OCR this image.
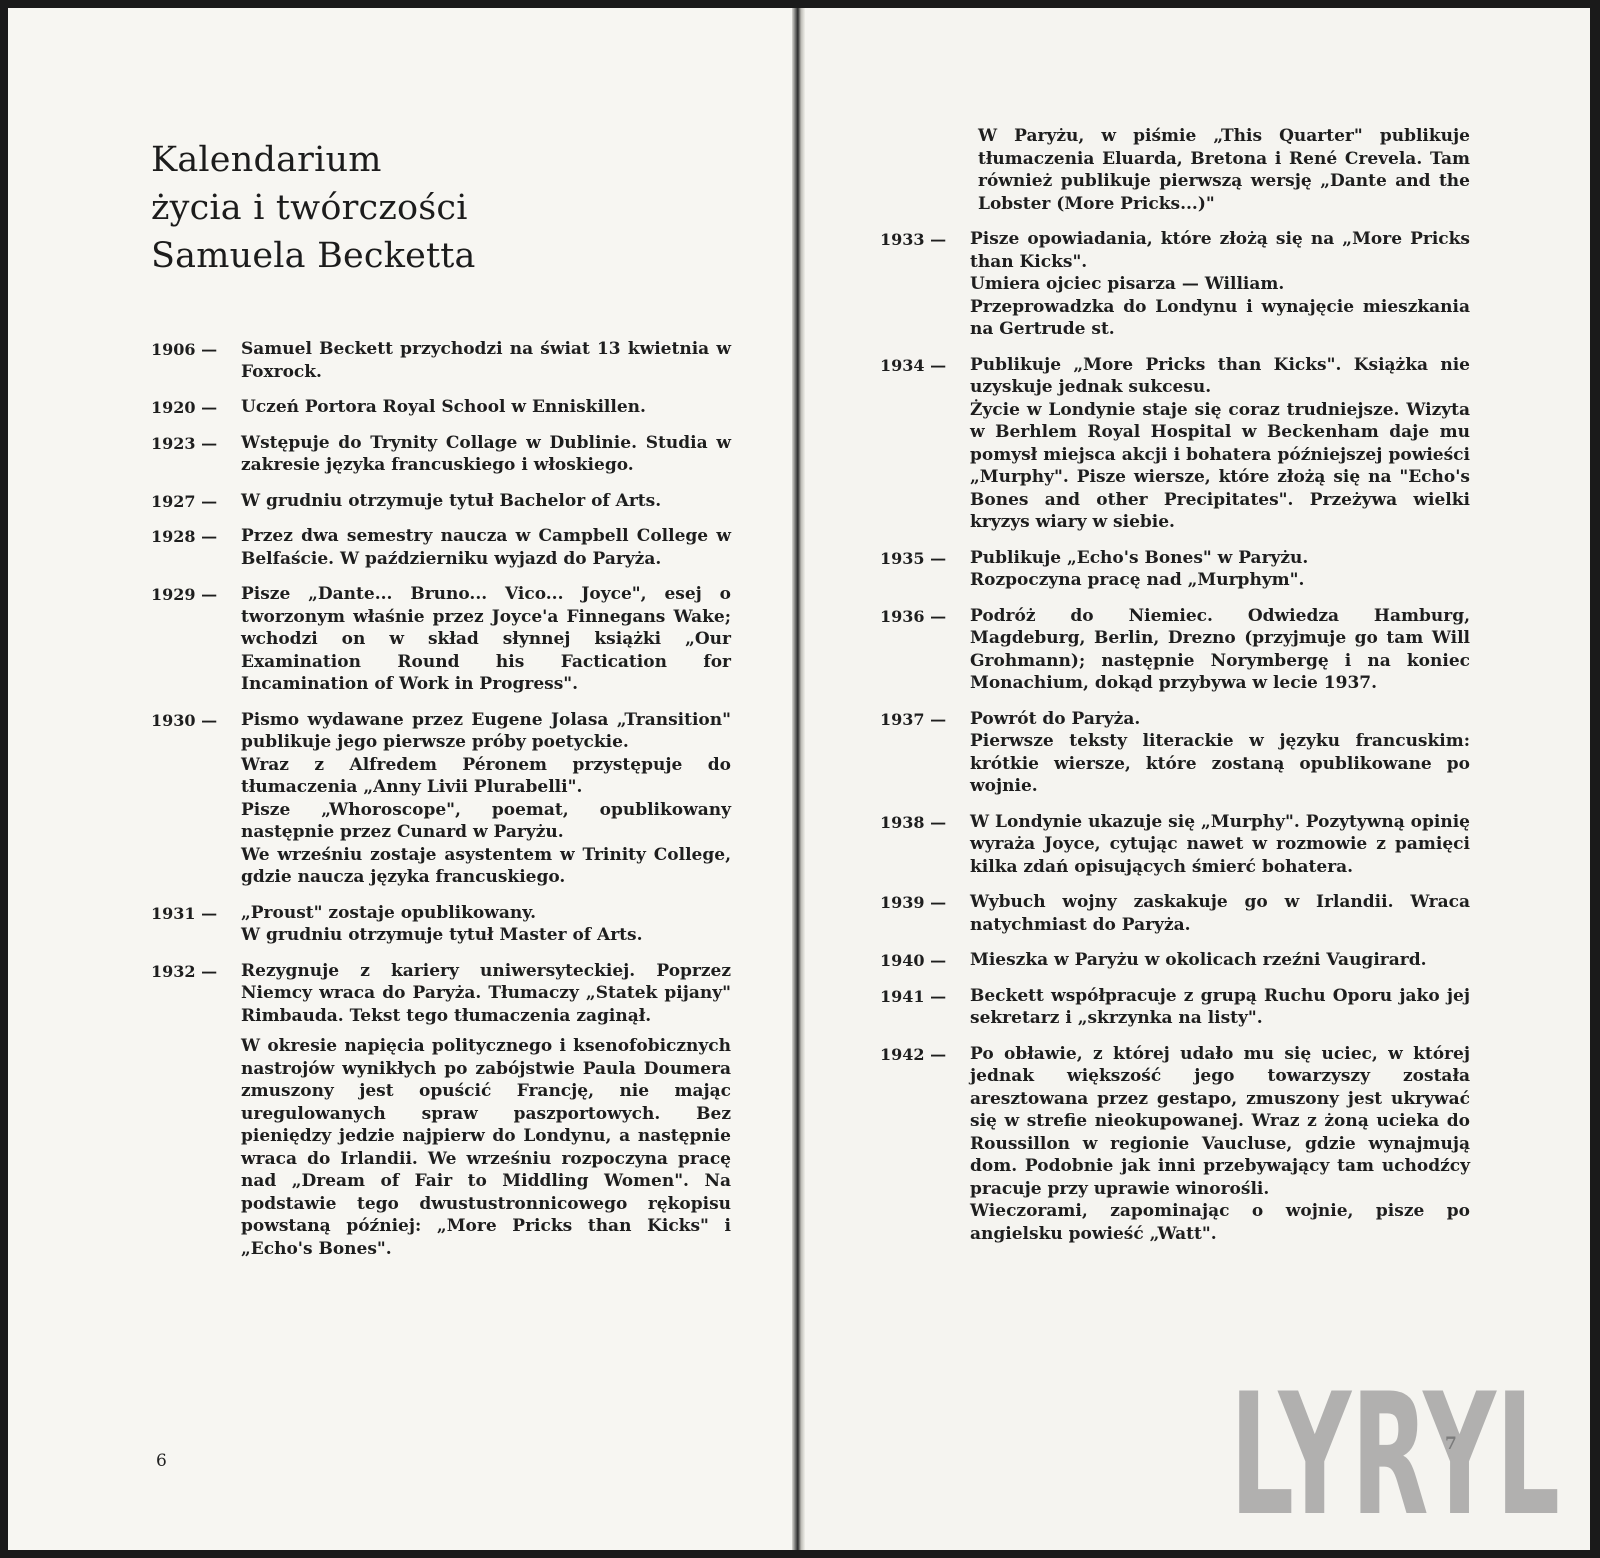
Kalendarium
życia i twórczości
Samuela Becketta
1906 — Samuel Beckett przychodzi na świat 13 kwietnia w Foxrock.

1920 — Uczeń Portora Royal School w Enniskillen.

1923 — Wstępuje do Trynity Collage w Dublinie. Studia w zakresie języka francuskiego i włoskiego.

1927 — W grudniu otrzymuje tytuł Bachelor of Arts.

1928 — Przez dwa semestry naucza w Campbell College w Belfaście. W październiku wyjazd do Paryża.

1929 — Pisze „Dante... Bruno... Vico... Joyce", esej o tworzonym właśnie przez Joyce'a Finnegans Wake; wchodzi on w skład słynnej książki „Our Examination Round his Factication for Incamination of Work in Progress".

1930 — Pismo wydawane przez Eugene Jolasa „Transition" publikuje jego pierwsze próby poetyckie.

Wraz z Alfredem Péronem przystępuje do tłumaczenia „Anny Livii Plurabelli".

Pisze „Whoroscope", poemat, opublikowany następnie przez Cunard w Paryżu.

We wrześniu zostaje asystentem w Trinity College, gdzie naucza języka francuskiego.

1931 — „Proust" zostaje opublikowany.

W grudniu otrzymuje tytuł Master of Arts.

1932 — Rezygnuje z kariery uniwersyteckiej. Poprzez Niemcy wraca do Paryża. Tłumaczy „Statek pijany" Rimbauda. Tekst tego tłumaczenia zaginął.

W okresie napięcia politycznego i ksenofobicznych nastrojów wynikłych po zabójstwie Paula Doumera zmuszony jest opuścić Francję, nie mając uregulowanych spraw paszportowych. Bez pieniędzy jedzie najpierw do Londynu, a następnie wraca do Irlandii. We wrześniu rozpoczyna pracę nad „Dream of Fair to Middling Women". Na podstawie tego dwustustronnicowego rękopisu powstaną później: „More Pricks than Kicks" i „Echo's Bones".

6

W Paryżu, w piśmie „This Quarter" publikuje tłumaczenia Eluarda, Bretona i René Crevela. Tam również publikuje pierwszą wersję „Dante and the Lobster (More Pricks...)"

1933 — Pisze opowiadania, które złożą się na „More Pricks than Kicks".

Umiera ojciec pisarza — William.

Przeprowadzka do Londynu i wynajęcie mieszkania na Gertrude st.

1934 — Publikuje „More Pricks than Kicks". Książka nie uzyskuje jednak sukcesu.

Życie w Londynie staje się coraz trudniejsze. Wizyta w Berhlem Royal Hospital w Beckenham daje mu pomysł miejsca akcji i bohatera późniejszej powieści „Murphy". Pisze wiersze, które złożą się na "Echo's Bones and other Precipitates". Przeżywa wielki kryzys wiary w siebie.

1935 — Publikuje „Echo's Bones" w Paryżu.

Rozpoczyna pracę nad „Murphym".

1936 — Podróż do Niemiec. Odwiedza Hamburg, Magdeburg, Berlin, Drezno (przyjmuje go tam Will Grohmann); następnie Norymbergę i na koniec Monachium, dokąd przybywa w lecie 1937.

1937 — Powrót do Paryża.

Pierwsze teksty literackie w języku francuskim: krótkie wiersze, które zostaną opublikowane po wojnie.

1938 — W Londynie ukazuje się „Murphy". Pozytywną opinię wyraża Joyce, cytując nawet w rozmowie z pamięci kilka zdań opisujących śmierć bohatera.

1939 — Wybuch wojny zaskakuje go w Irlandii. Wraca natychmiast do Paryża.

1940 — Mieszka w Paryżu w okolicach rzeźni Vaugirard.

1941 — Beckett współpracuje z grupą Ruchu Oporu jako jej sekretarz i „skrzynka na listy".

1942 — Po obławie, z której udało mu się uciec, w której jednak większość jego towarzyszy została aresztowana przez gestapo, zmuszony jest ukrywać się w strefie nieokupowanej. Wraz z żoną ucieka do Roussillon w regionie Vaucluse, gdzie wynajmują dom. Podobnie jak inni przebywający tam uchodźcy pracuje przy uprawie winorośli.

Wieczorami, zapominając o wojnie, pisze po angielsku powieść „Watt".

7
LYRYL
